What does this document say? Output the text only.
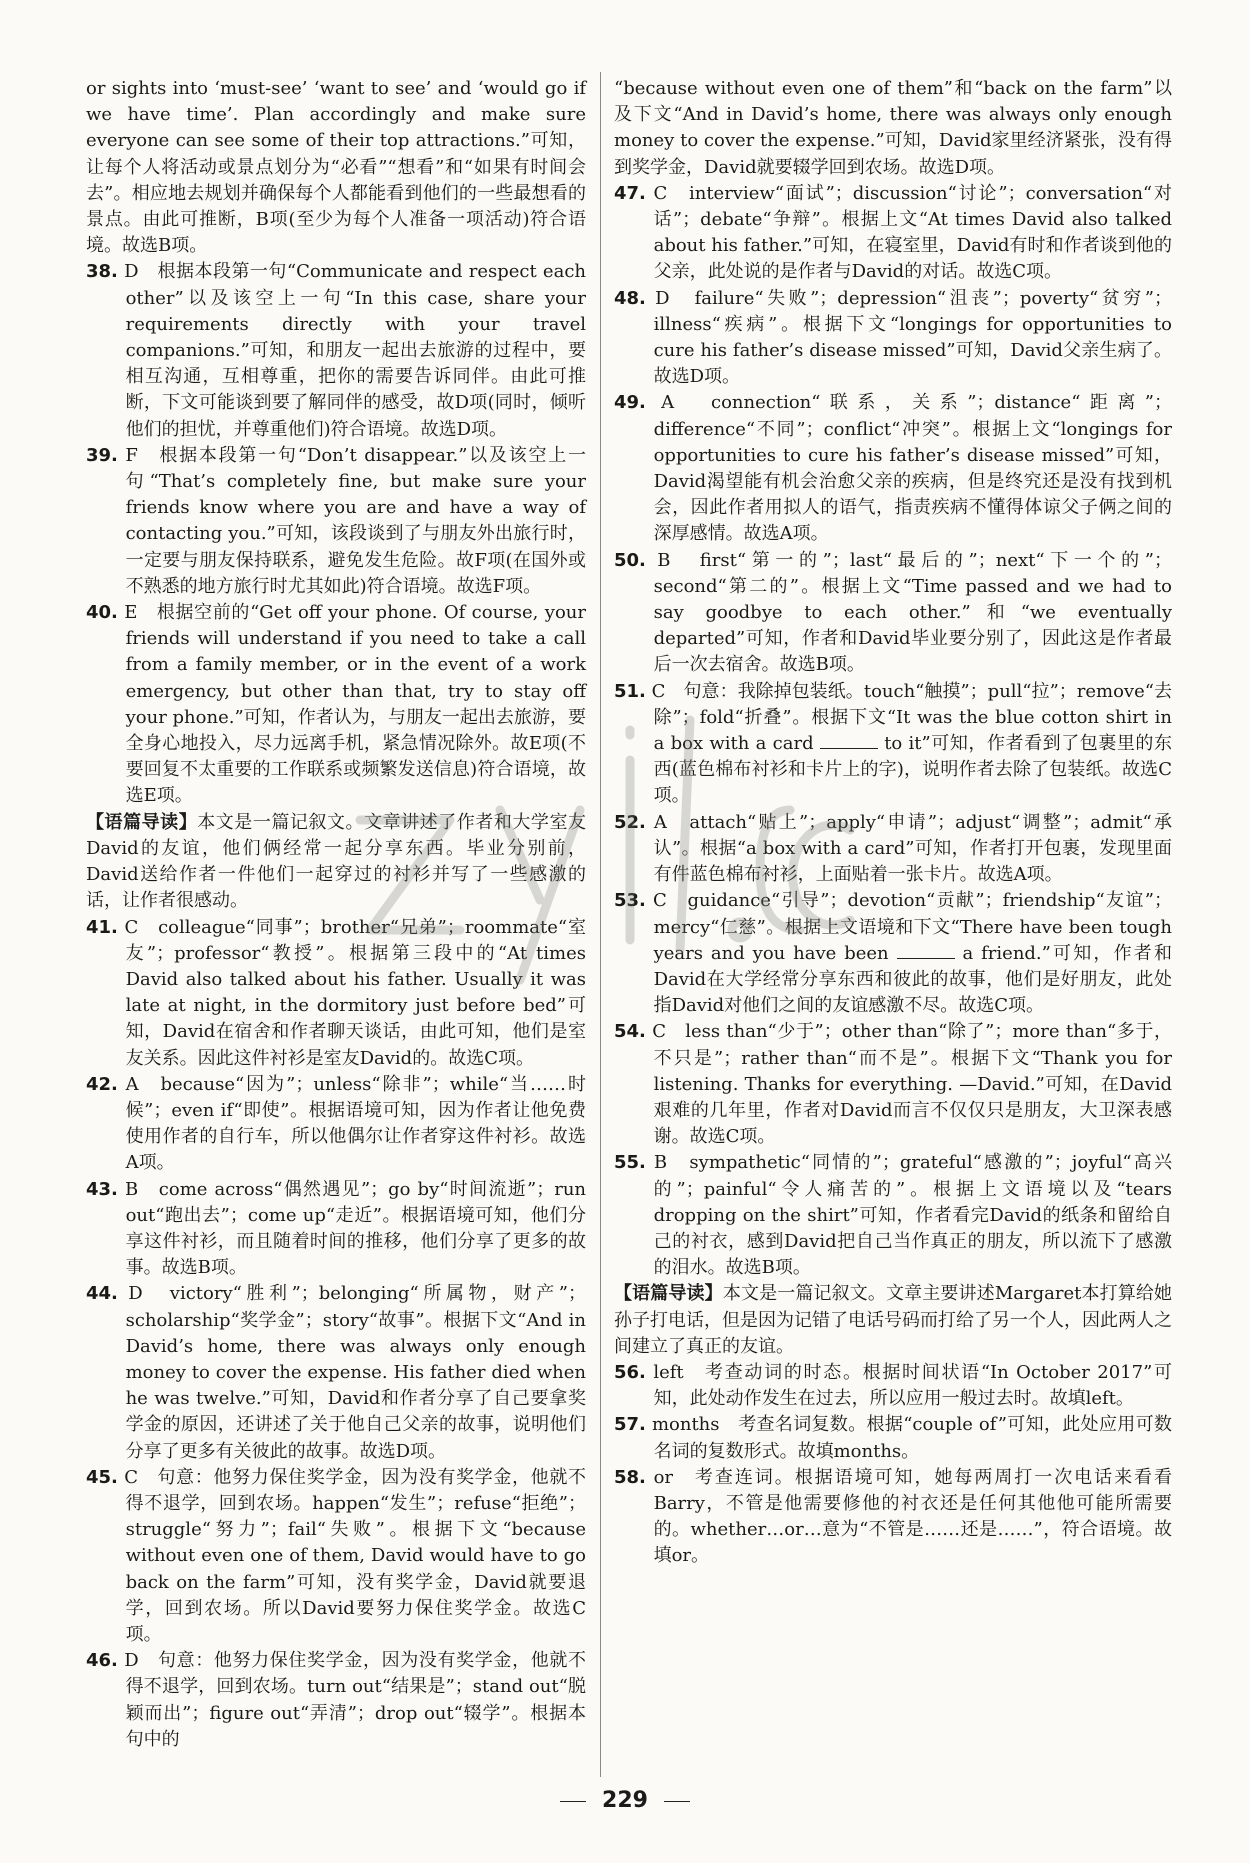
or sights into ‘must-see’ ‘want to see’ and ‘would go if we have time’. Plan accordingly and make sure everyone can see some of their top attractions.”可知，让每个人将活动或景点划分为“必看”“想看”和“如果有时间会去”。相应地去规划并确保每个人都能看到他们的一些最想看的景点。由此可推断，B项(至少为每个人准备一项活动)符合语境。故选B项。

38. D　根据本段第一句“Communicate and respect each other”以及该空上一句“In this case, share your requirements directly with your travel companions.”可知，和朋友一起出去旅游的过程中，要相互沟通，互相尊重，把你的需要告诉同伴。由此可推断，下文可能谈到要了解同伴的感受，故D项(同时，倾听他们的担忧，并尊重他们)符合语境。故选D项。

39. F　根据本段第一句“Don’t disappear.”以及该空上一句“That’s completely fine, but make sure your friends know where you are and have a way of contacting you.”可知，该段谈到了与朋友外出旅行时，一定要与朋友保持联系，避免发生危险。故F项(在国外或不熟悉的地方旅行时尤其如此)符合语境。故选F项。

40. E　根据空前的“Get off your phone. Of course, your friends will understand if you need to take a call from a family member, or in the event of a work emergency, but other than that, try to stay off your phone.”可知，作者认为，与朋友一起出去旅游，要全身心地投入，尽力远离手机，紧急情况除外。故E项(不要回复不太重要的工作联系或频繁发送信息)符合语境，故选E项。

【语篇导读】本文是一篇记叙文。文章讲述了作者和大学室友David的友谊，他们俩经常一起分享东西。毕业分别前，David送给作者一件他们一起穿过的衬衫并写了一些感激的话，让作者很感动。

41. C　colleague“同事”；brother“兄弟”；roommate“室友”；professor“教授”。根据第三段中的“At times David also talked about his father. Usually it was late at night, in the dormitory just before bed”可知，David在宿舍和作者聊天谈话，由此可知，他们是室友关系。因此这件衬衫是室友David的。故选C项。

42. A　because“因为”；unless“除非”；while“当……时候”；even if“即使”。根据语境可知，因为作者让他免费使用作者的自行车，所以他偶尔让作者穿这件衬衫。故选A项。

43. B　come across“偶然遇见”；go by“时间流逝”；run out“跑出去”；come up“走近”。根据语境可知，他们分享这件衬衫，而且随着时间的推移，他们分享了更多的故事。故选B项。

44. D　victory“胜利”；belonging“所属物，财产”；scholarship“奖学金”；story“故事”。根据下文“And in David’s home, there was always only enough money to cover the expense. His father died when he was twelve.”可知，David和作者分享了自己要拿奖学金的原因，还讲述了关于他自己父亲的故事，说明他们分享了更多有关彼此的故事。故选D项。

45. C　句意：他努力保住奖学金，因为没有奖学金，他就不得不退学，回到农场。happen“发生”；refuse“拒绝”；struggle“努力”；fail“失败”。根据下文“because without even one of them, David would have to go back on the farm”可知，没有奖学金，David就要退学，回到农场。所以David要努力保住奖学金。故选C项。

46. D　句意：他努力保住奖学金，因为没有奖学金，他就不得不退学，回到农场。turn out“结果是”；stand out“脱颖而出”；figure out“弄清”；drop out“辍学”。根据本句中的

“because without even one of them”和“back on the farm”以及下文“And in David’s home, there was always only enough money to cover the expense.”可知，David家里经济紧张，没有得到奖学金，David就要辍学回到农场。故选D项。

47. C　interview“面试”；discussion“讨论”；conversation“对话”；debate“争辩”。根据上文“At times David also talked about his father.”可知，在寝室里，David有时和作者谈到他的父亲，此处说的是作者与David的对话。故选C项。

48. D　failure“失败”；depression“沮丧”；poverty“贫穷”；illness“疾病”。根据下文“longings for opportunities to cure his father’s disease missed”可知，David父亲生病了。故选D项。

49. A　connection“联系，关系”；distance“距离”；difference“不同”；conflict“冲突”。根据上文“longings for opportunities to cure his father’s disease missed”可知，David渴望能有机会治愈父亲的疾病，但是终究还是没有找到机会，因此作者用拟人的语气，指责疾病不懂得体谅父子俩之间的深厚感情。故选A项。

50. B　first“第一的”；last“最后的”；next“下一个的”；second“第二的”。根据上文“Time passed and we had to say goodbye to each other.”和“we eventually departed”可知，作者和David毕业要分别了，因此这是作者最后一次去宿舍。故选B项。

51. C　句意：我除掉包装纸。touch“触摸”；pull“拉”；remove“去除”；fold“折叠”。根据下文“It was the blue cotton shirt in a box with a card	to it”可知，作者看到了包裹里的东西(蓝色棉布衬衫和卡片上的字)，说明作者去除了包装纸。故选C项。

52. A　attach“贴上”；apply“申请”；adjust“调整”；admit“承认”。根据“a box with a card”可知，作者打开包裹，发现里面有件蓝色棉布衬衫，上面贴着一张卡片。故选A项。

53. C　guidance“引导”；devotion“贡献”；friendship“友谊”；mercy“仁慈”。根据上文语境和下文“There have been tough years and you have been	a friend.”可知，作者和David在大学经常分享东西和彼此的故事，他们是好朋友，此处指David对他们之间的友谊感激不尽。故选C项。

54. C　less than“少于”；other than“除了”；more than“多于，不只是”；rather than“而不是”。根据下文“Thank you for listening. Thanks for everything. —David.”可知，在David艰难的几年里，作者对David而言不仅仅只是朋友，大卫深表感谢。故选C项。

55. B　sympathetic“同情的”；grateful“感激的”；joyful“高兴的”；painful“令人痛苦的”。根据上文语境以及“tears dropping on the shirt”可知，作者看完David的纸条和留给自己的衬衣，感到David把自己当作真正的朋友，所以流下了感激的泪水。故选B项。

【语篇导读】本文是一篇记叙文。文章主要讲述Margaret本打算给她孙子打电话，但是因为记错了电话号码而打给了另一个人，因此两人之间建立了真正的友谊。

56. left　考查动词的时态。根据时间状语“In October 2017”可知，此处动作发生在过去，所以应用一般过去时。故填left。

57. months　考查名词复数。根据“couple of”可知，此处应用可数名词的复数形式。故填months。

58. or　考查连词。根据语境可知，她每两周打一次电话来看看Barry，不管是他需要修他的衬衣还是任何其他他可能所需要的。whether…or…意为“不管是……还是……”，符合语境。故填or。

229
